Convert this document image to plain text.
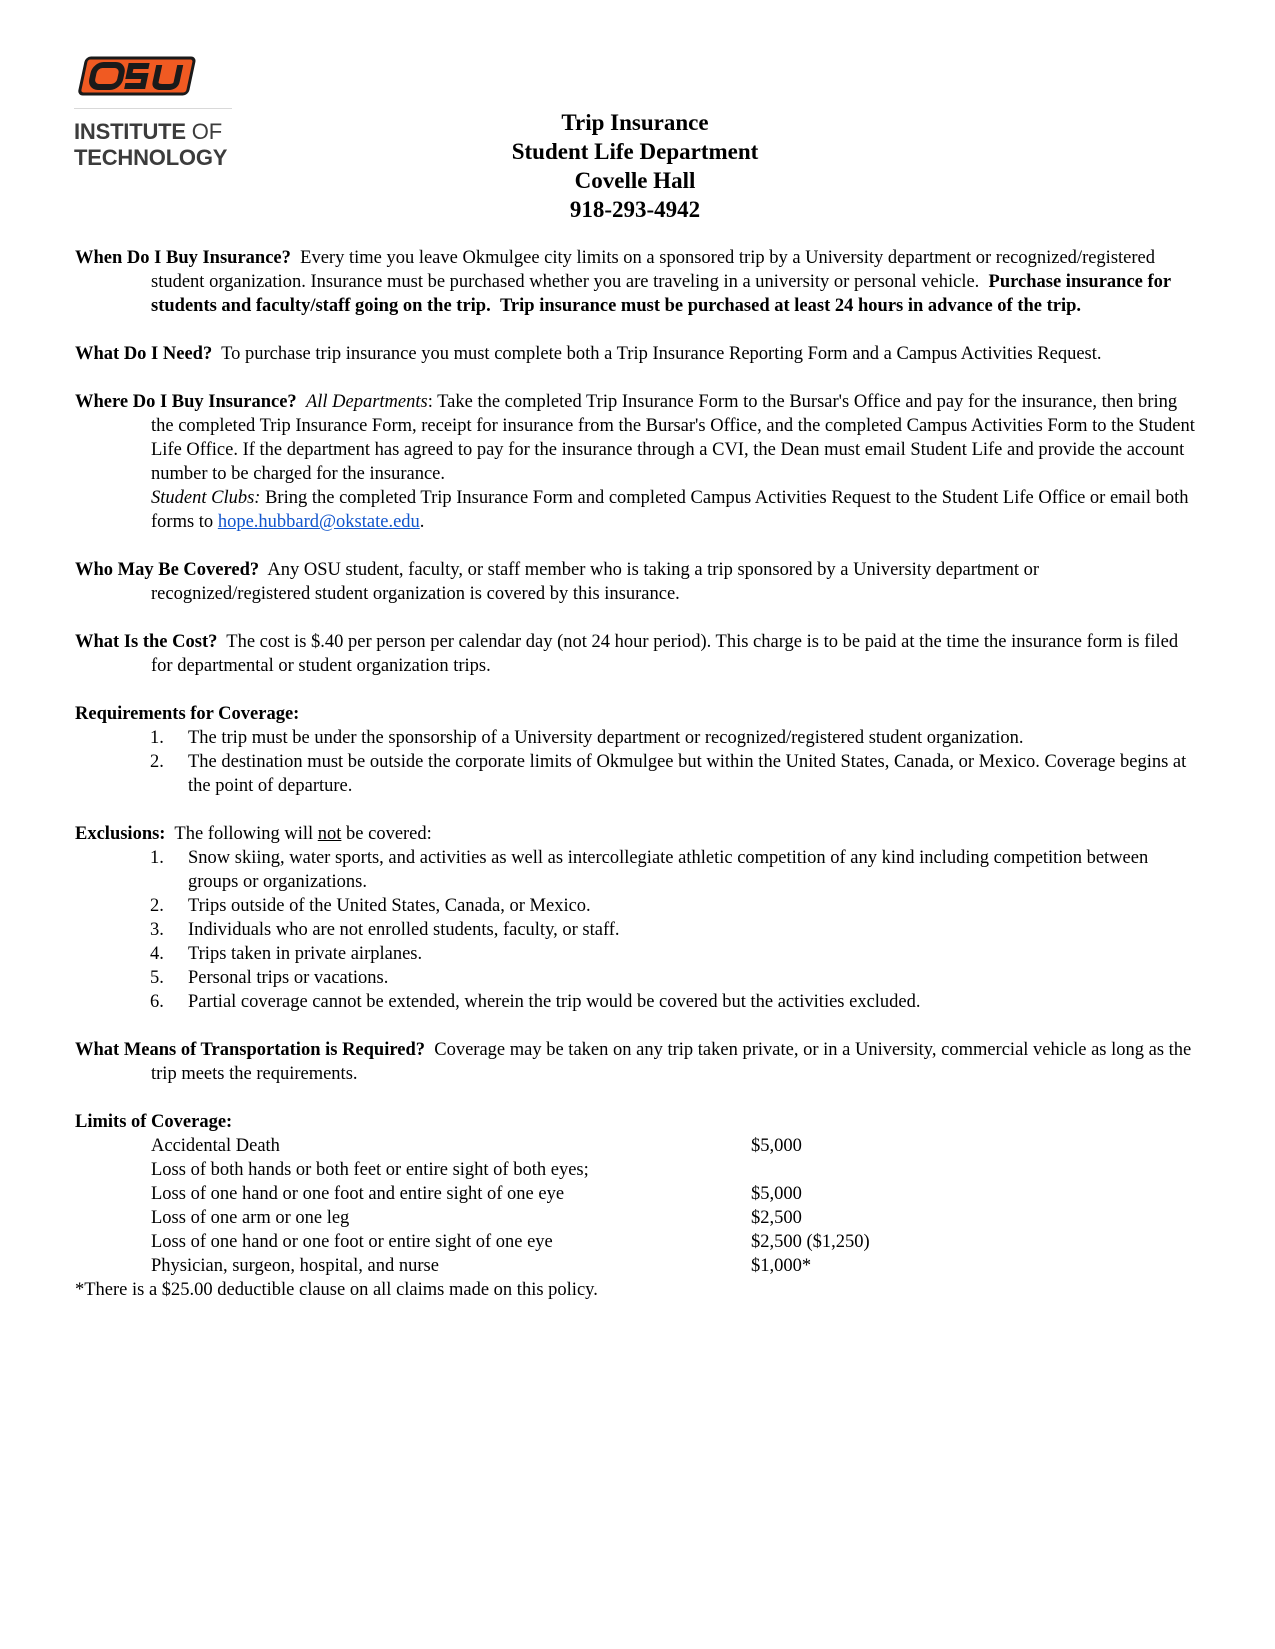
INSTITUTE OF
TECHNOLOGY
Trip Insurance
Student Life Department
Covelle Hall
918-293-4942
When Do I Buy Insurance? Every time you leave Okmulgee city limits on a sponsored trip by a University department or recognized/registered student organization. Insurance must be purchased whether you are traveling in a university or personal vehicle. Purchase insurance for students and faculty/staff going on the trip. Trip insurance must be purchased at least 24 hours in advance of the trip.
What Do I Need? To purchase trip insurance you must complete both a Trip Insurance Reporting Form and a Campus Activities Request.
Where Do I Buy Insurance? All Departments: Take the completed Trip Insurance Form to the Bursar's Office and pay for the insurance, then bring the completed Trip Insurance Form, receipt for insurance from the Bursar's Office, and the completed Campus Activities Form to the Student Life Office. If the department has agreed to pay for the insurance through a CVI, the Dean must email Student Life and provide the account number to be charged for the insurance.
Student Clubs: Bring the completed Trip Insurance Form and completed Campus Activities Request to the Student Life Office or email both forms to hope.hubbard@okstate.edu.
Who May Be Covered? Any OSU student, faculty, or staff member who is taking a trip sponsored by a University department or recognized/registered student organization is covered by this insurance.
What Is the Cost? The cost is $.40 per person per calendar day (not 24 hour period). This charge is to be paid at the time the insurance form is filed for departmental or student organization trips.
Requirements for Coverage:
1. The trip must be under the sponsorship of a University department or recognized/registered student organization.
2. The destination must be outside the corporate limits of Okmulgee but within the United States, Canada, or Mexico. Coverage begins at the point of departure.
Exclusions: The following will not be covered:
1. Snow skiing, water sports, and activities as well as intercollegiate athletic competition of any kind including competition between groups or organizations.
2. Trips outside of the United States, Canada, or Mexico.
3. Individuals who are not enrolled students, faculty, or staff.
4. Trips taken in private airplanes.
5. Personal trips or vacations.
6. Partial coverage cannot be extended, wherein the trip would be covered but the activities excluded.
What Means of Transportation is Required? Coverage may be taken on any trip taken private, or in a University, commercial vehicle as long as the trip meets the requirements.
Limits of Coverage:
Accidental Death	$5,000
Loss of both hands or both feet or entire sight of both eyes;
Loss of one hand or one foot and entire sight of one eye	$5,000
Loss of one arm or one leg	$2,500
Loss of one hand or one foot or entire sight of one eye	$2,500 ($1,250)
Physician, surgeon, hospital, and nurse	$1,000*
*There is a $25.00 deductible clause on all claims made on this policy.
